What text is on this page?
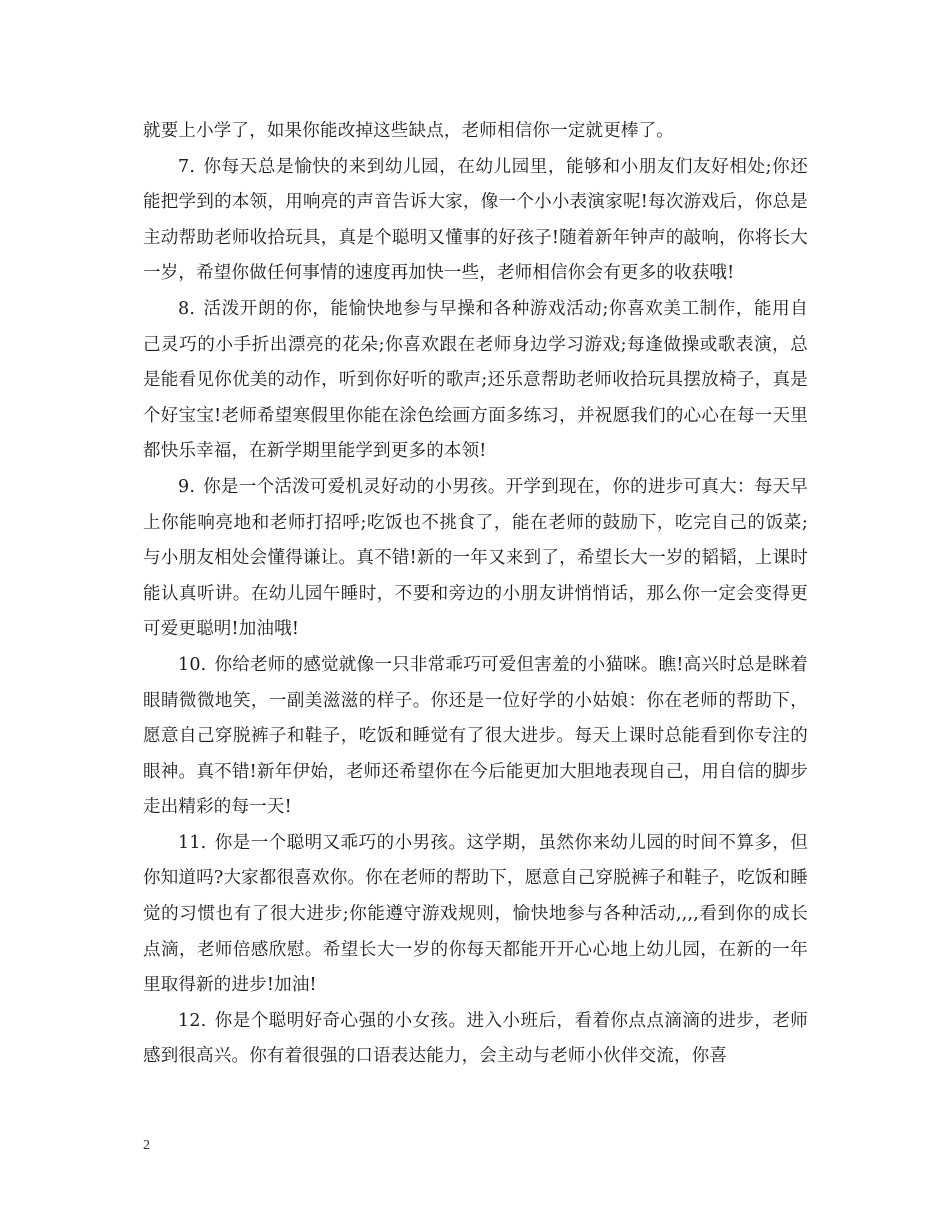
就要上小学了，如果你能改掉这些缺点，老师相信你一定就更棒了。

7. 你每天总是愉快的来到幼儿园，在幼儿园里，能够和小朋友们友好相处;你还能把学到的本领，用响亮的声音告诉大家，像一个小小表演家呢!每次游戏后，你总是主动帮助老师收拾玩具，真是个聪明又懂事的好孩子!随着新年钟声的敲响，你将长大一岁，希望你做任何事情的速度再加快一些，老师相信你会有更多的收获哦!

8. 活泼开朗的你，能愉快地参与早操和各种游戏活动;你喜欢美工制作，能用自己灵巧的小手折出漂亮的花朵;你喜欢跟在老师身边学习游戏;每逢做操或歌表演，总是能看见你优美的动作，听到你好听的歌声;还乐意帮助老师收拾玩具摆放椅子，真是个好宝宝!老师希望寒假里你能在涂色绘画方面多练习，并祝愿我们的心心在每一天里都快乐幸福，在新学期里能学到更多的本领!

9. 你是一个活泼可爱机灵好动的小男孩。开学到现在，你的进步可真大：每天早上你能响亮地和老师打招呼;吃饭也不挑食了，能在老师的鼓励下，吃完自己的饭菜;与小朋友相处会懂得谦让。真不错!新的一年又来到了，希望长大一岁的韬韬，上课时能认真听讲。在幼儿园午睡时，不要和旁边的小朋友讲悄悄话，那么你一定会变得更可爱更聪明!加油哦!

10. 你给老师的感觉就像一只非常乖巧可爱但害羞的小猫咪。瞧!高兴时总是眯着眼睛微微地笑，一副美滋滋的样子。你还是一位好学的小姑娘：你在老师的帮助下，愿意自己穿脱裤子和鞋子，吃饭和睡觉有了很大进步。每天上课时总能看到你专注的眼神。真不错!新年伊始，老师还希望你在今后能更加大胆地表现自己，用自信的脚步走出精彩的每一天!

11. 你是一个聪明又乖巧的小男孩。这学期，虽然你来幼儿园的时间不算多，但你知道吗?大家都很喜欢你。你在老师的帮助下，愿意自己穿脱裤子和鞋子，吃饭和睡觉的习惯也有了很大进步;你能遵守游戏规则，愉快地参与各种活动,,,,看到你的成长点滴，老师倍感欣慰。希望长大一岁的你每天都能开开心心地上幼儿园，在新的一年里取得新的进步!加油!

12. 你是个聪明好奇心强的小女孩。进入小班后，看着你点点滴滴的进步，老师感到很高兴。你有着很强的口语表达能力，会主动与老师小伙伴交流，你喜

2
